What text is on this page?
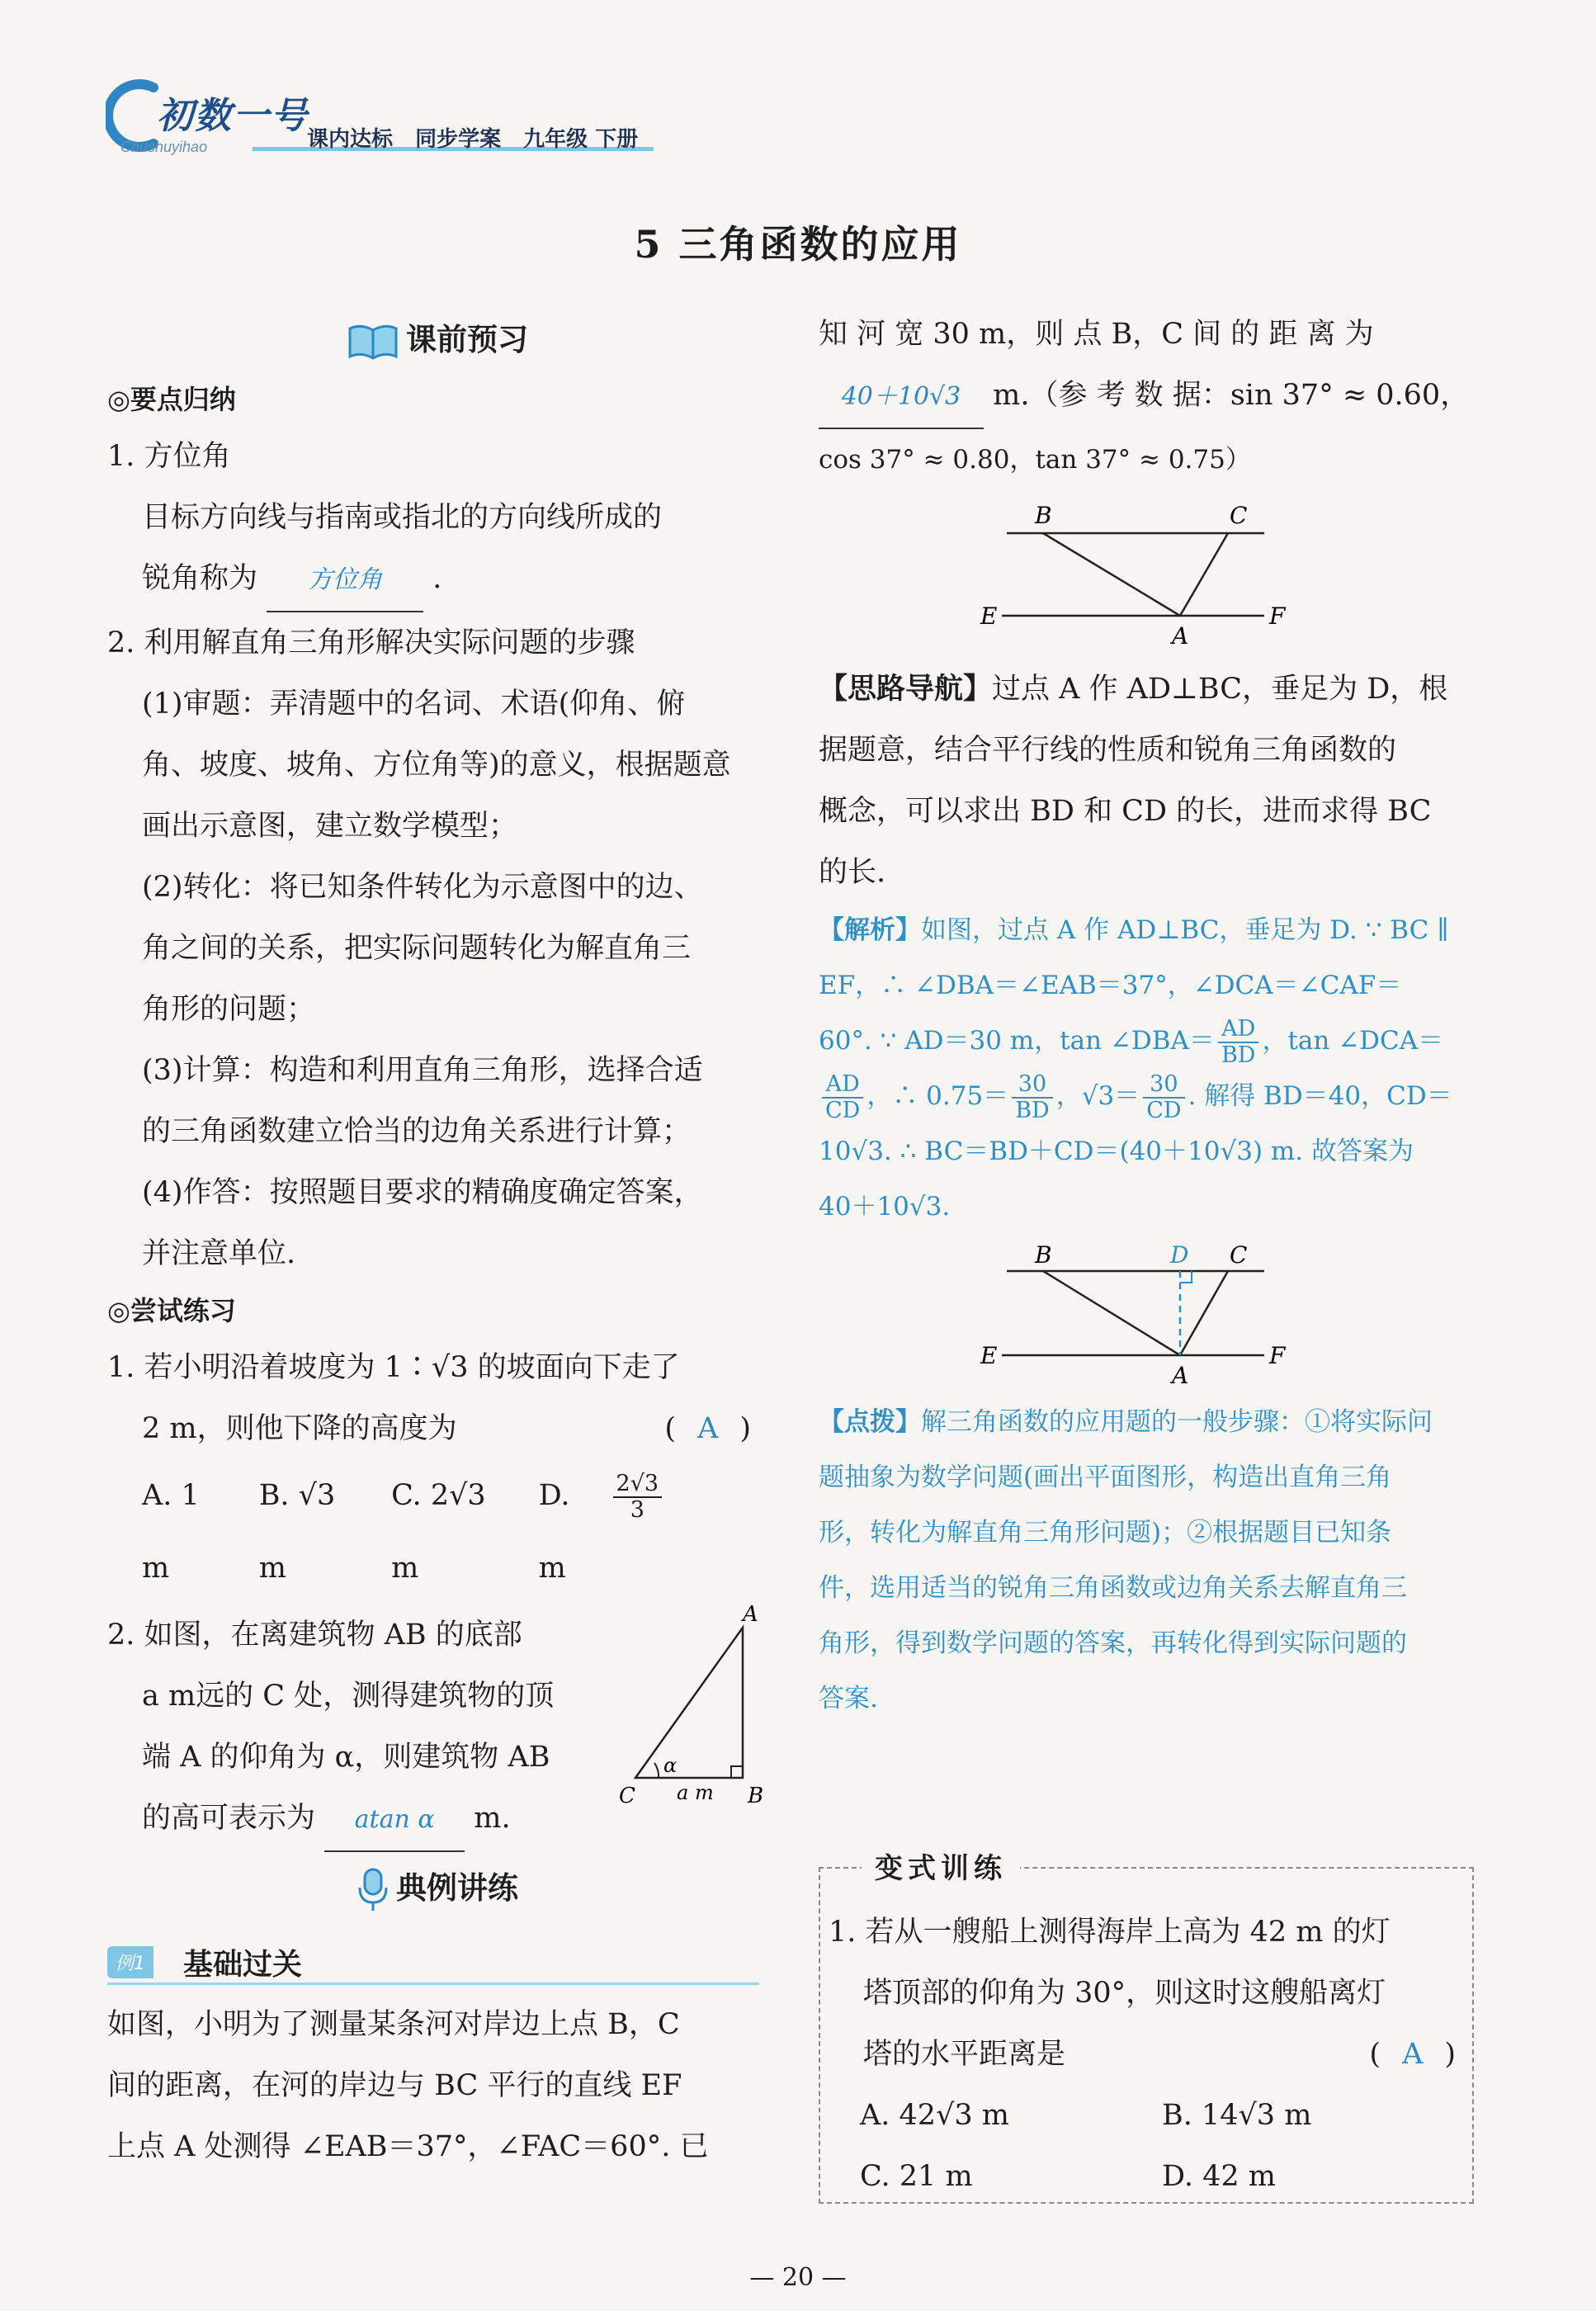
初数一号
Chushuyihao	课内达标 同步学案 九年级 下册
5 三角函数的应用
课前预习
◎要点归纳

1. 方位角

目标方向线与指南或指北的方向线所成的

锐角称为 方位角 .

2. 利用解直角三角形解决实际问题的步骤

(1)审题：弄清题中的名词、术语(仰角、俯

角、坡度、坡角、方位角等)的意义，根据题意

画出示意图，建立数学模型；

(2)转化：将已知条件转化为示意图中的边、

角之间的关系，把实际问题转化为解直角三

角形的问题；

(3)计算：构造和利用直角三角形，选择合适

的三角函数建立恰当的边角关系进行计算；

(4)作答：按照题目要求的精确度确定答案，

并注意单位.

◎尝试练习

1. 若小明沿着坡度为 1∶√3 的坡面向下走了

2 m，则他下降的高度为	( A )

A. 1 m
B. √3 m
C. 2√3 m
D. $\frac{2√3}{3}$
m

2. 如图，在离建筑物 AB 的底部

a m远的 C 处，测得建筑物的顶

端 A 的仰角为 α，则建筑物 AB

的高可表示为 atan α m.

A
B
C
α
a m
典例讲练
例1 基础过关

如图，小明为了测量某条河对岸边上点 B，C

间的距离，在河的岸边与 BC 平行的直线 EF

上点 A 处测得 ∠EAB＝37°，∠FAC＝60°. 已

知 河 宽 30 m，则 点 B，C 间 的 距 离 为

40＋10√3 m.（参 考 数 据：sin 37° ≈ 0.60，

cos 37° ≈ 0.80，tan 37° ≈ 0.75）

B	C
E
A
F

【思路导航】过点 A 作 AD⊥BC，垂足为 D，根

据题意，结合平行线的性质和锐角三角函数的

概念，可以求出 BD 和 CD 的长，进而求得 BC

的长.

【解析】如图，过点 A 作 AD⊥BC，垂足为 D. ∵ BC ∥

EF，∴ ∠DBA＝∠EAB＝37°，∠DCA＝∠CAF＝

60°. ∵ AD＝30 m，tan ∠DBA＝ $\frac{AD}{BD}$ ，tan ∠DCA＝

$\frac{AD}{CD}$ ，∴ $0.75= \frac{30}{BD}$ ，$√3= \frac{30}{CD}$ . 解得 BD＝40，CD＝

10√3. ∴ BC＝BD＋CD＝(40＋10√3) m. 故答案为

40＋10√3.

B	D C
E
A
F

【点拨】解三角函数的应用题的一般步骤：①将实际问

题抽象为数学问题(画出平面图形，构造出直角三角

形，转化为解直角三角形问题)；②根据题目已知条

件，选用适当的锐角三角函数或边角关系去解直角三

角形，得到数学问题的答案，再转化得到实际问题的

答案.

变式训练

1. 若从一艘船上测得海岸上高为 42 m 的灯

塔顶部的仰角为 30°，则这时这艘船离灯

塔的水平距离是	( A )

A. 42√3 m	B. 14√3 m
C. 21 m	D. 42 m
— 20 —
